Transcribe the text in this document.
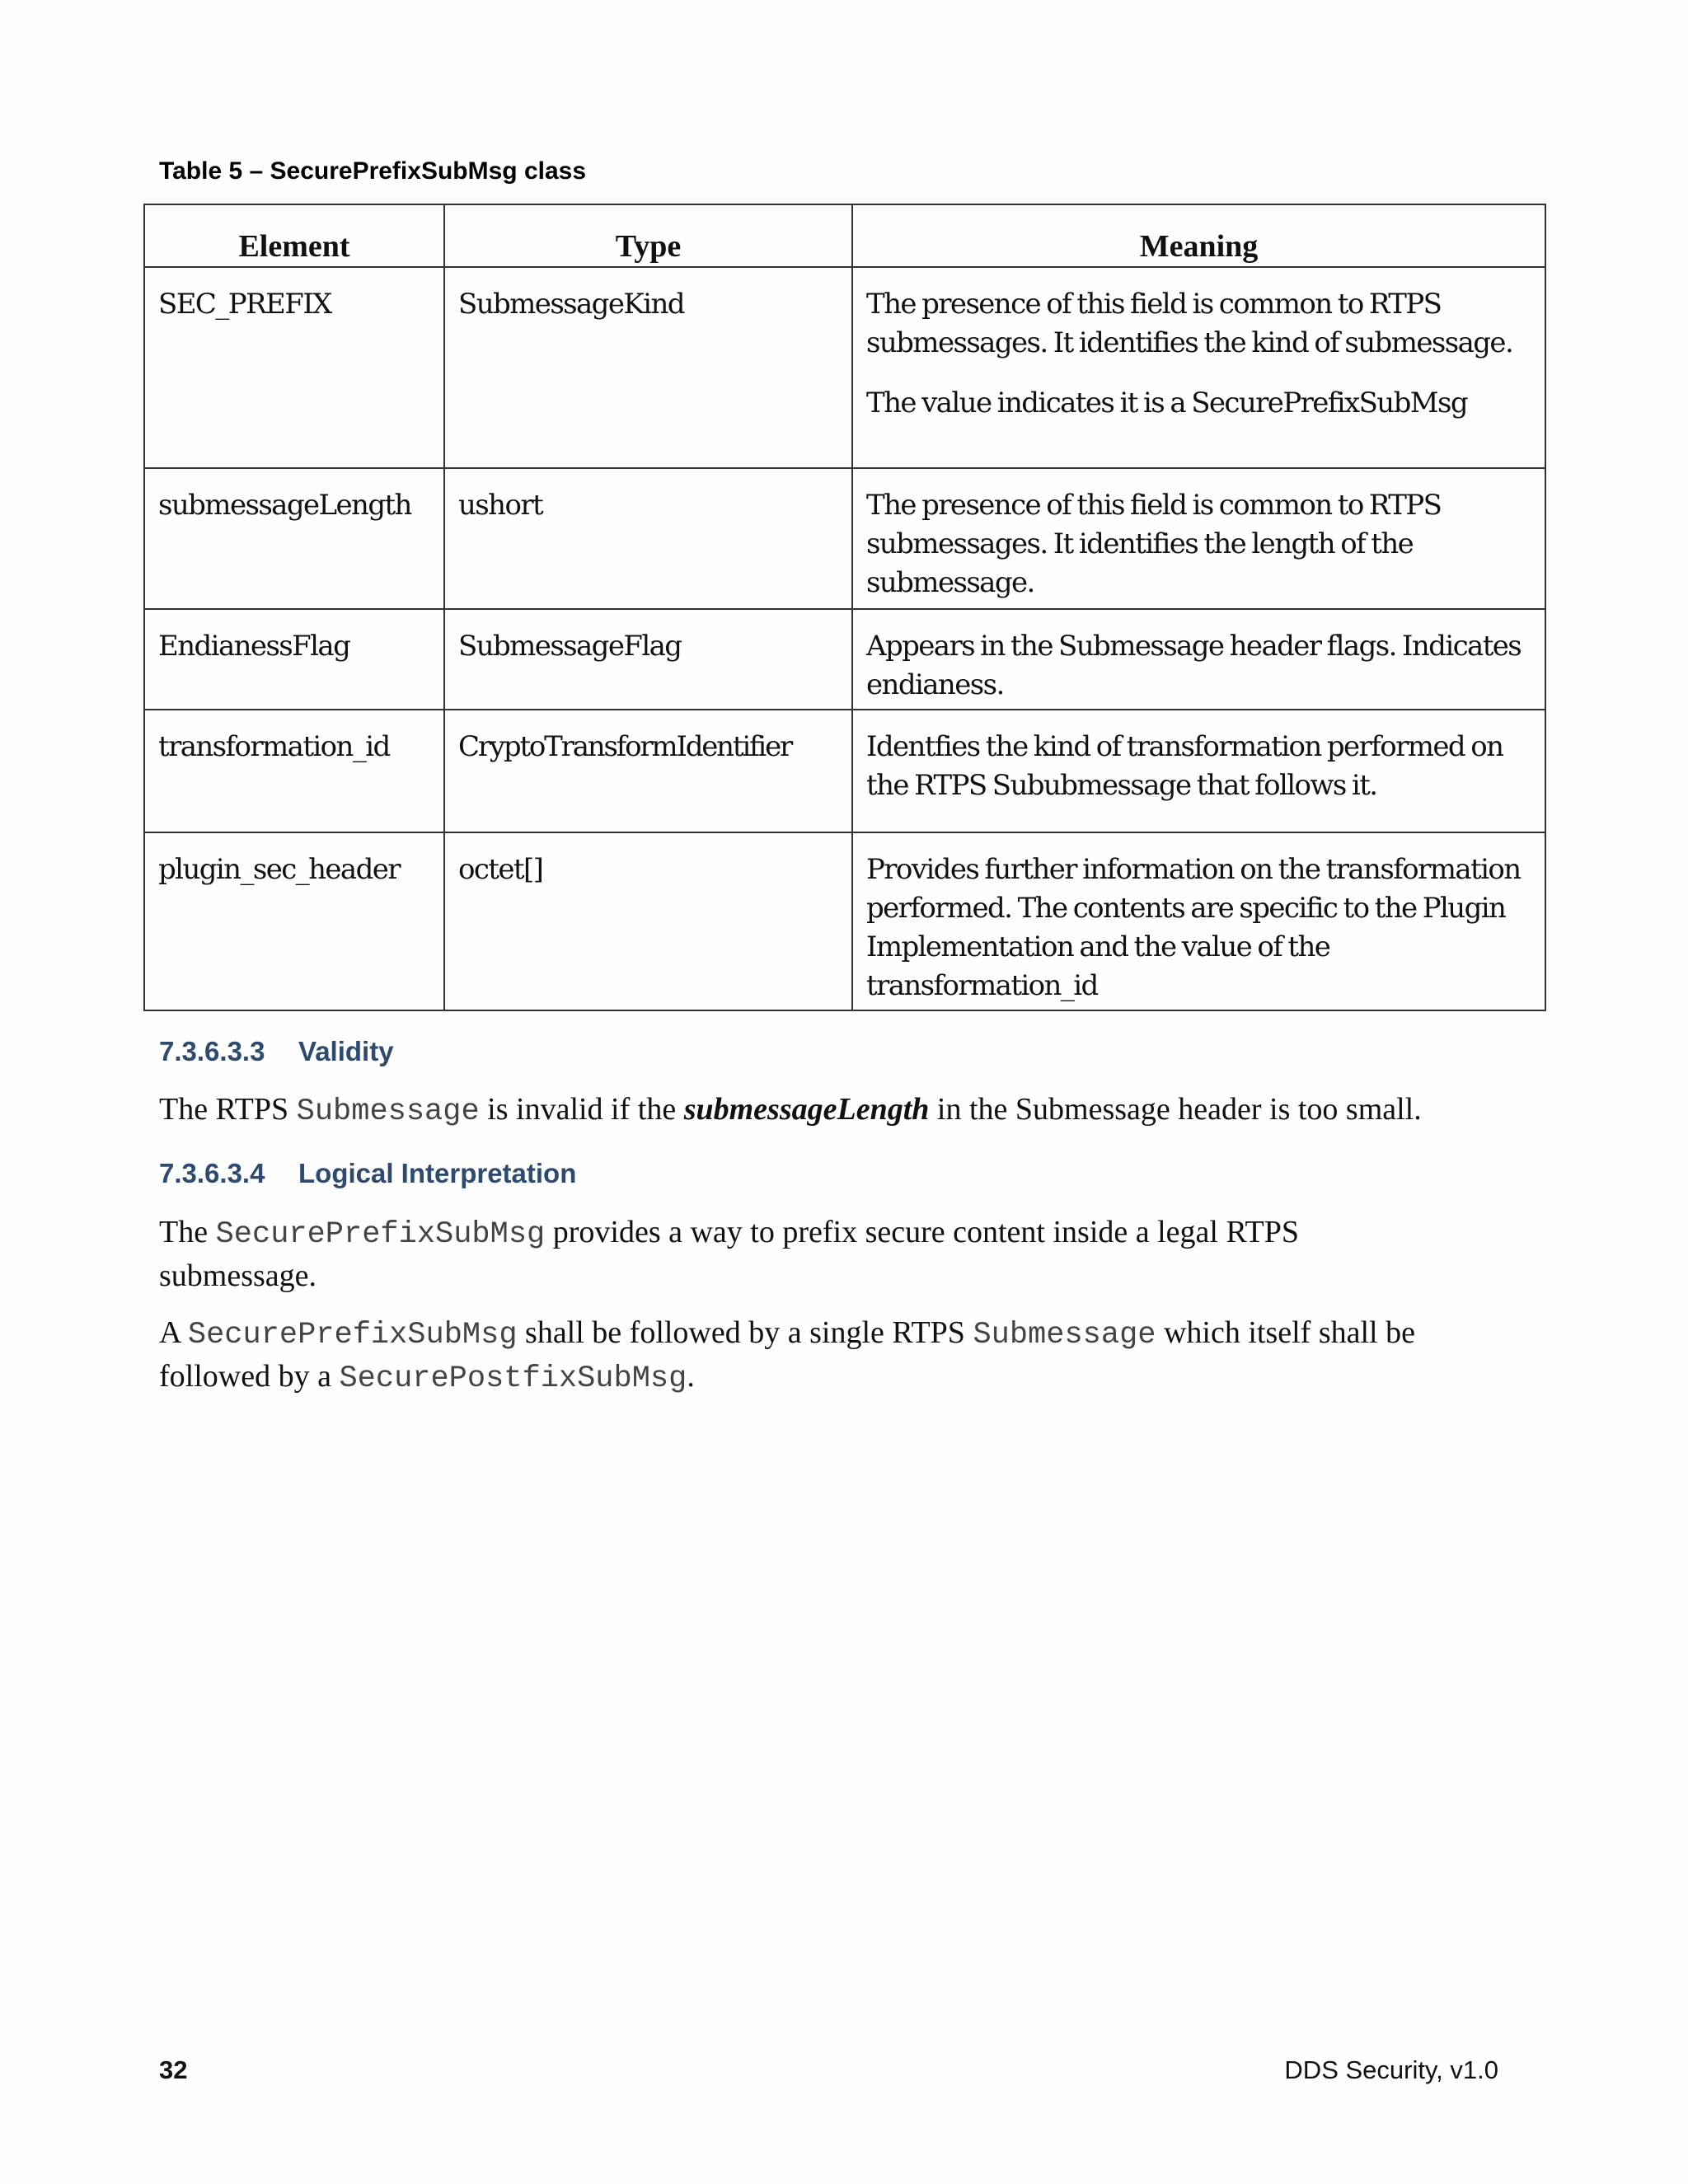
Table 5 – SecurePrefixSubMsg class
Element	Type	Meaning
SEC_PREFIX	SubmessageKind	The presence of this field is common to RTPS submessages. It identifies the kind of submessage.

The value indicates it is a SecurePrefixSubMsg

submessageLength	ushort	The presence of this field is common to RTPS submessages. It identifies the length of the submessage.

EndianessFlag	SubmessageFlag	Appears in the Submessage header flags. Indicates endianess.

transformation_id	CryptoTransformIdentifier	Identfies the kind of transformation performed on the RTPS Sububmessage that follows it.

plugin_sec_header	octet[]	Provides further information on the transformation performed. The contents are specific to the Plugin Implementation and the value of the transformation_id

7.3.6.3.3 Validity

The RTPS Submessage is invalid if the submessageLength in the Submessage header is too small.

7.3.6.3.4 Logical Interpretation

The SecurePrefixSubMsg provides a way to prefix secure content inside a legal RTPS submessage.

A SecurePrefixSubMsg shall be followed by a single RTPS Submessage which itself shall be followed by a SecurePostfixSubMsg.

32	DDS Security, v1.0
